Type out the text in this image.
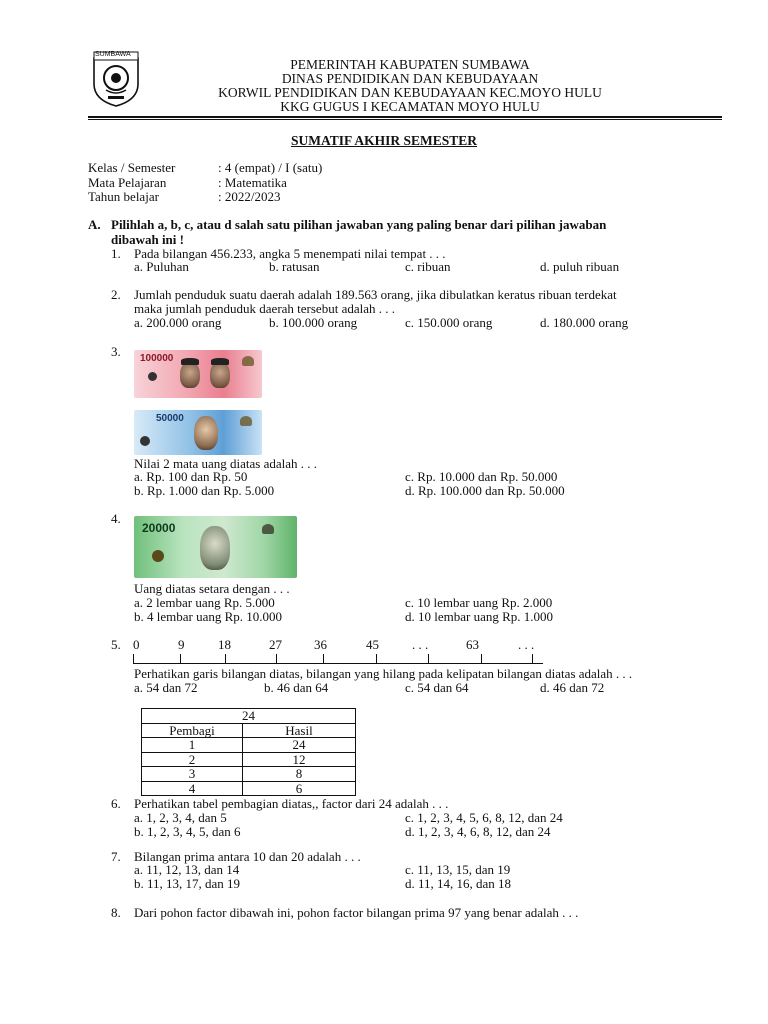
SUMBAWA
PEMERINTAH KABUPATEN SUMBAWA
DINAS PENDIDIKAN DAN KEBUDAYAAN
KORWIL PENDIDIKAN DAN KEBUDAYAAN KEC.MOYO HULU
KKG GUGUS I KECAMATAN MOYO HULU
SUMATIF AKHIR SEMESTER
Kelas / Semester	: 4 (empat) / I (satu)
Mata Pelajaran	: Matematika
Tahun belajar	: 2022/2023
A. Pilihlah a, b, c, atau d salah satu pilihan jawaban yang paling benar dari pilihan jawaban
dibawah ini !
1. Pada bilangan 456.233, angka 5 menempati nilai tempat . . .
a. Puluhan	b. ratusan	c. ribuan	d. puluh ribuan
2. Jumlah penduduk suatu daerah adalah 189.563 orang, jika dibulatkan keratus ribuan terdekat
maka jumlah penduduk daerah tersebut adalah . . .
a. 200.000 orang	b. 100.000 orang	c. 150.000 orang	d. 180.000 orang
3. 100000
50000
Nilai 2 mata uang diatas adalah . . .
a. Rp. 100 dan Rp. 50	c. Rp. 10.000 dan Rp. 50.000
b. Rp. 1.000 dan Rp. 5.000	d. Rp. 100.000 dan Rp. 50.000
4.
20000
Uang diatas setara dengan . . .
a. 2 lembar uang Rp. 5.000	c. 10 lembar uang Rp. 2.000
b. 4 lembar uang Rp. 10.000	d. 10 lembar uang Rp. 1.000
5. 0	9	18	27 36	45	. . .	63	. . .
Perhatikan garis bilangan diatas, bilangan yang hilang pada kelipatan bilangan diatas adalah . . .
a. 54 dan 72	b. 46 dan 64	c. 54 dan 64	d. 46 dan 72
24	
Pembagi	Hasil
1	24
2	12
3	8
4	6
6. Perhatikan tabel pembagian diatas,, factor dari 24 adalah . . .
a. 1, 2, 3, 4, dan 5	c. 1, 2, 3, 4, 5, 6, 8, 12, dan 24
b. 1, 2, 3, 4, 5, dan 6	d. 1, 2, 3, 4, 6, 8, 12, dan 24
7. Bilangan prima antara 10 dan 20 adalah . . .
a. 11, 12, 13, dan 14	c. 11, 13, 15, dan 19
b. 11, 13, 17, dan 19	d. 11, 14, 16, dan 18
8. Dari pohon factor dibawah ini, pohon factor bilangan prima 97 yang benar adalah . . .
